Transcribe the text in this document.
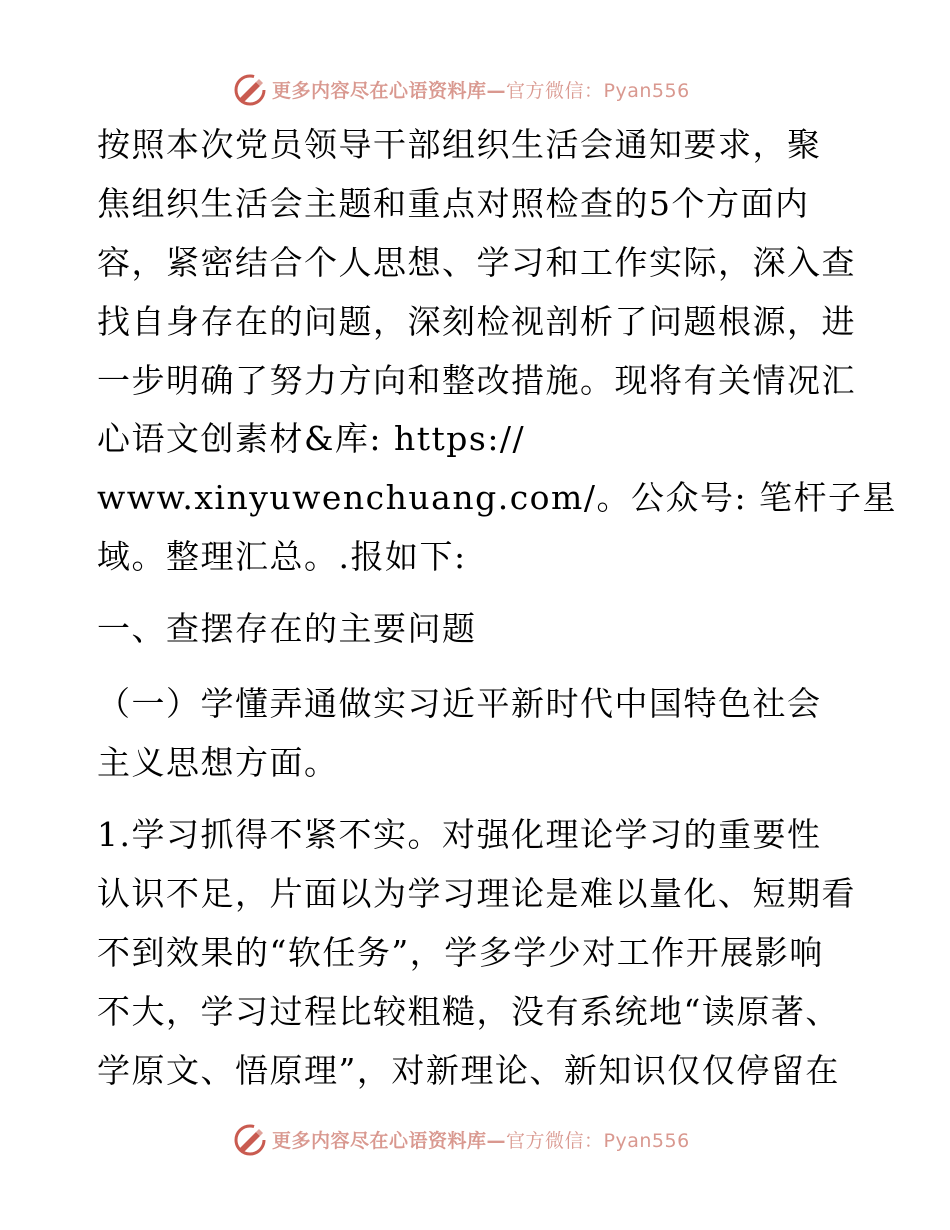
更多内容尽在心语资料库—官方微信：Pyan556
按照本次党员领导干部组织生活会通知要求，聚
焦组织生活会主题和重点对照检查的5个方面内
容，紧密结合个人思想、学习和工作实际，深入查
找自身存在的问题，深刻检视剖析了问题根源，进
一步明确了努力方向和整改措施。现将有关情况汇
心语文创素材&库: https://
www.xinyuwenchuang.com/。公众号: 笔杆子星
域。整理汇总。.报如下:
一、查摆存在的主要问题
（一）学懂弄通做实习近平新时代中国特色社会
主义思想方面。
1.学习抓得不紧不实。对强化理论学习的重要性
认识不足，片面以为学习理论是难以量化、短期看
不到效果的“软任务”，学多学少对工作开展影响
不大，学习过程比较粗糙，没有系统地“读原著、
学原文、悟原理”，对新理论、新知识仅仅停留在
更多内容尽在心语资料库—官方微信：Pyan556
